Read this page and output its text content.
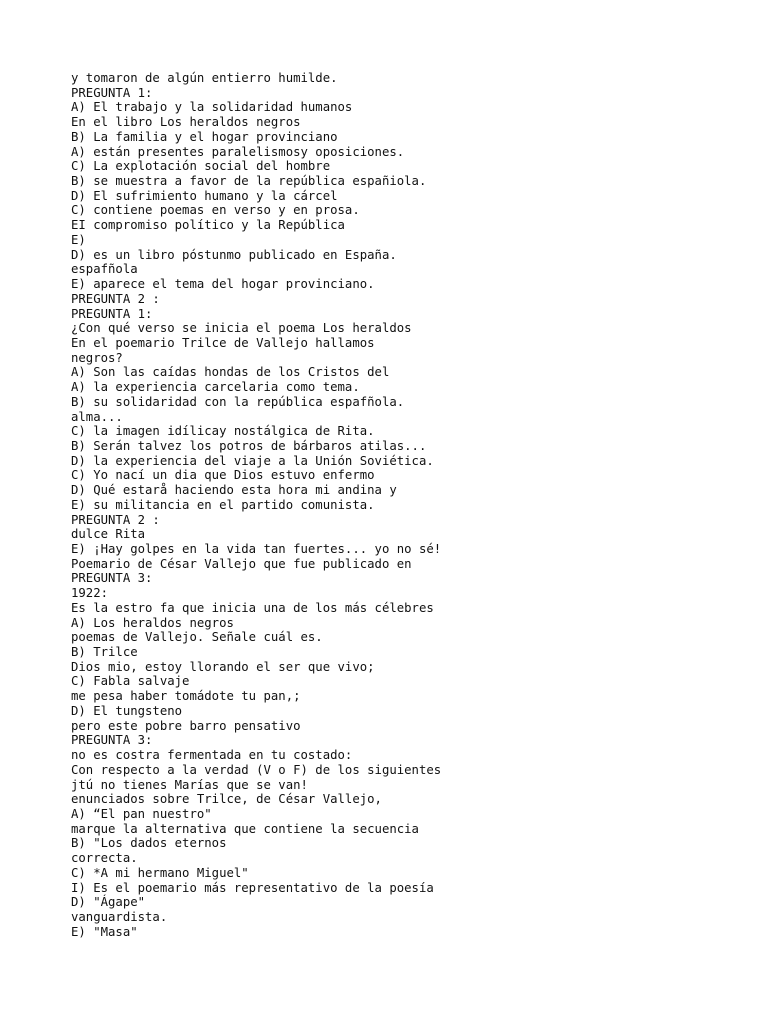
y tomaron de algún entierro humilde.
PREGUNTA 1:
A) El trabajo y la solidaridad humanos
En el libro Los heraldos negros
B) La familia y el hogar provinciano
A) están presentes paralelismosy oposiciones.
C) La explotación social del hombre
B) se muestra a favor de la república españiola.
D) El sufrimiento humano y la cárcel
C) contiene poemas en verso y en prosa.
EI compromiso político y la República
E)
D) es un libro póstunmo publicado en España.
espafñola
E) aparece el tema del hogar provinciano.
PREGUNTA 2 :
PREGUNTA 1:
¿Con qué verso se inicia el poema Los heraldos
En el poemario Trilce de Vallejo hallamos
negros?
A) Son las caídas hondas de los Cristos del
A) la experiencia carcelaria como tema.
B) su solidaridad con la república espafñola.
alma...
C) la imagen idílicay nostálgica de Rita.
B) Serán talvez los potros de bárbaros atilas...
D) la experiencia del viaje a la Unión Soviética.
C) Yo nací un dia que Dios estuvo enfermo
D) Qué estarå haciendo esta hora mi andina y
E) su militancia en el partido comunista.
PREGUNTA 2 :
dulce Rita
E) ¡Hay golpes en la vida tan fuertes... yo no sé!
Poemario de César Vallejo que fue publicado en
PREGUNTA 3:
1922:
Es la estro fa que inicia una de los más célebres
A) Los heraldos negros
poemas de Vallejo. Señale cuál es.
B) Trilce
Dios mio, estoy llorando el ser que vivo;
C) Fabla salvaje
me pesa haber tomádote tu pan,;
D) El tungsteno
pero este pobre barro pensativo
PREGUNTA 3:
no es costra fermentada en tu costado:
Con respecto a la verdad (V o F) de los siguientes
jtú no tienes Marías que se van!
enunciados sobre Trilce, de César Vallejo,
A) “El pan nuestro"
marque la alternativa que contiene la secuencia
B) "Los dados eternos
correcta.
C) *A mi hermano Miguel"
I) Es el poemario más representativo de la poesía
D) "Ágape"
vanguardista.
E) "Masa"
